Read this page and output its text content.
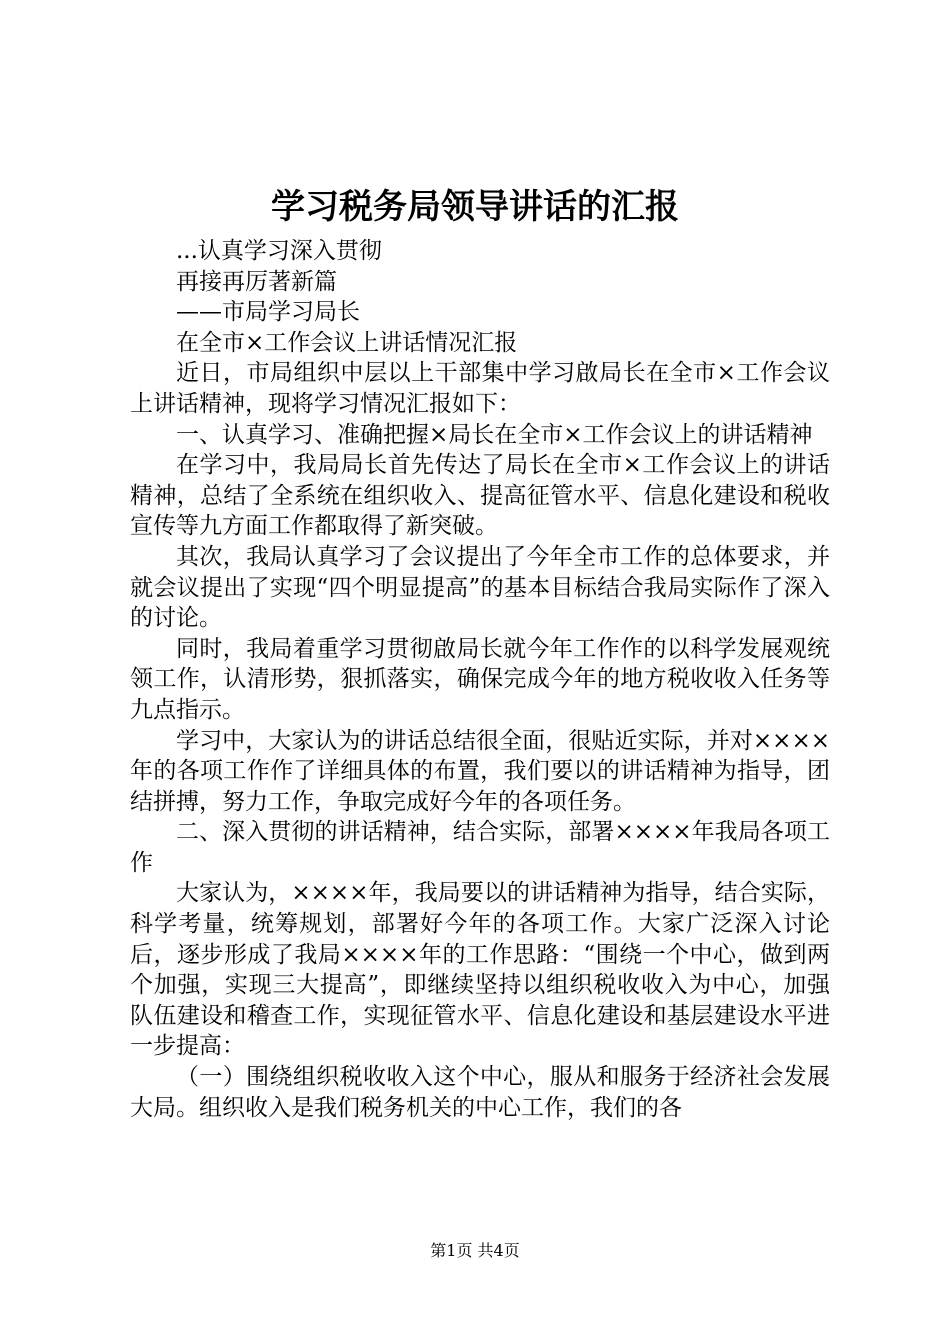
学习税务局领导讲话的汇报

...认真学习深入贯彻

再接再厉著新篇

——市局学习局长

在全市×工作会议上讲话情况汇报

近日，市局组织中层以上干部集中学习啟局长在全市×工作会议上讲话精神，现将学习情况汇报如下：

一、认真学习、准确把握×局长在全市×工作会议上的讲话精神

在学习中，我局局长首先传达了局长在全市×工作会议上的讲话精神，总结了全系统在组织收入、提高征管水平、信息化建设和税收宣传等九方面工作都取得了新突破。

其次，我局认真学习了会议提出了今年全市工作的总体要求，并就会议提出了实现“四个明显提高”的基本目标结合我局实际作了深入的讨论。

同时，我局着重学习贯彻啟局长就今年工作作的以科学发展观统领工作，认清形势，狠抓落实，确保完成今年的地方税收收入任务等九点指示。

学习中，大家认为的讲话总结很全面，很贴近实际，并对××××年的各项工作作了详细具体的布置，我们要以的讲话精神为指导，团结拼搏，努力工作，争取完成好今年的各项任务。

二、深入贯彻的讲话精神，结合实际，部署××××年我局各项工作

大家认为，××××年，我局要以的讲话精神为指导，结合实际，科学考量，统筹规划，部署好今年的各项工作。大家广泛深入讨论后，逐步形成了我局××××年的工作思路：“围绕一个中心，做到两个加强，实现三大提高”，即继续坚持以组织税收收入为中心，加强队伍建设和稽查工作，实现征管水平、信息化建设和基层建设水平进一步提高：

（一）围绕组织税收收入这个中心，服从和服务于经济社会发展大局。组织收入是我们税务机关的中心工作，我们的各

第1页 共4页
